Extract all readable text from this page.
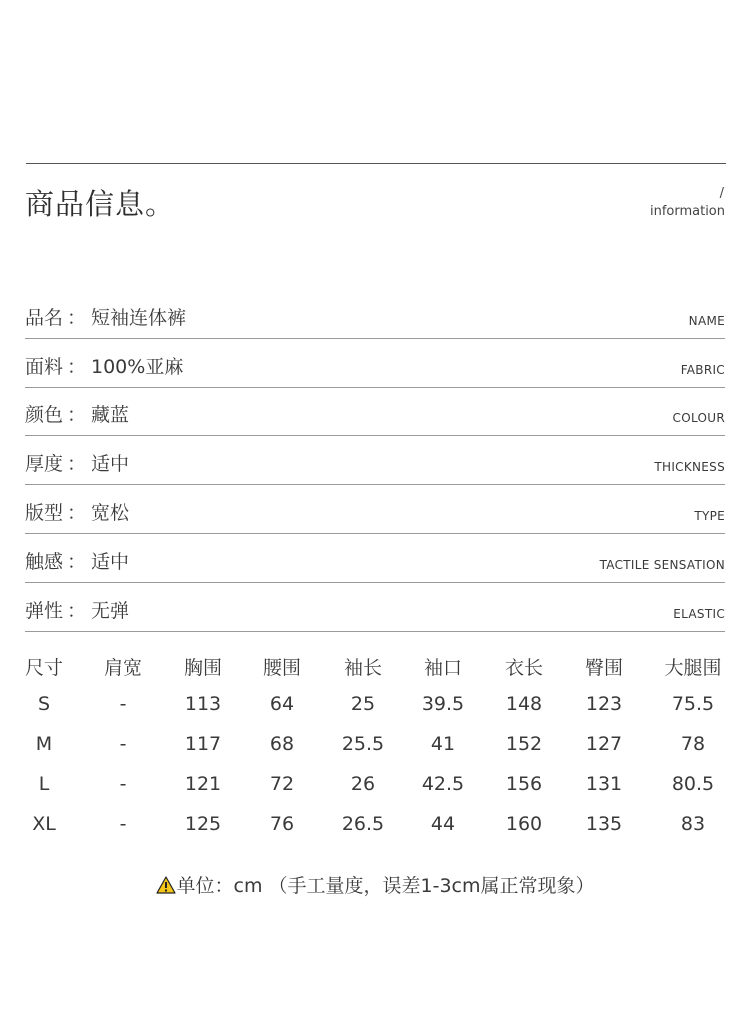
商品信息。	/
information
品名 ： 短袖连体裤	NAME
面料 ： 100%亚麻	FABRIC
颜色 ： 藏蓝	COLOUR
厚度 ： 适中	THICKNESS
版型 ： 宽松	TYPE
触感 ： 适中	TACTILE SENSATION
弹性 ： 无弹	ELASTIC
尺寸 肩宽 胸围 腰围 袖长 袖口 衣长 臀围 大腿围
S	-	113	64	25 39.5 148 123	75.5
M	-	117	68	25.5 41	152 127	78
L	-	121	72	26 42.5 156 131	80.5
XL	-	125	76	26.5 44	160 135	83
单位：cm （手工量度，误差1-3cm属正常现象）
